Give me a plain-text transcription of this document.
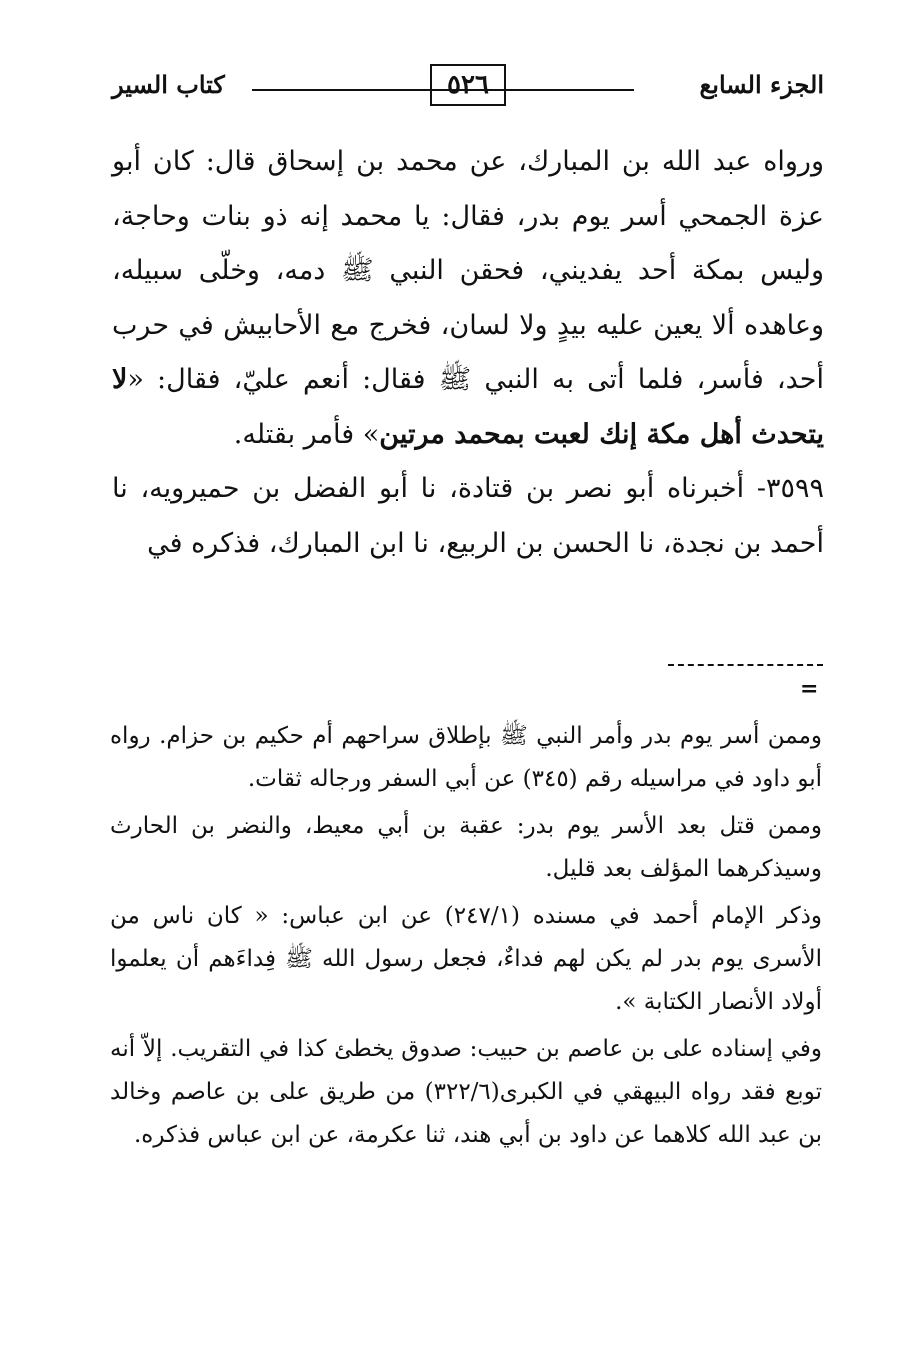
الجزء السابع
٥٢٦
كتاب السير

ورواه عبد الله بن المبارك، عن محمد بن إسحاق قال: كان أبو عزة الجمحي أسر يوم بدر، فقال: يا محمد إنه ذو بنات وحاجة، وليس بمكة أحد يفديني، فحقن النبي ﷺ دمه، وخلّى سبيله، وعاهده ألا يعين عليه بيدٍ ولا لسان، فخرج مع الأحابيش في حرب أحد، فأسر، فلما أتى به النبي ﷺ فقال: أنعم عليّ، فقال: «لا يتحدث أهل مكة إنك لعبت بمحمد مرتين» فأمر بقتله.

٣٥٩٩- أخبرناه أبو نصر بن قتادة، نا أبو الفضل بن حميرويه، نا أحمد بن نجدة، نا الحسن بن الربيع، نا ابن المبارك، فذكره في

=

وممن أسر يوم بدر وأمر النبي ﷺ بإطلاق سراحهم أم حكيم بن حزام. رواه أبو داود في مراسيله رقم (٣٤٥) عن أبي السفر ورجاله ثقات.

وممن قتل بعد الأسر يوم بدر: عقبة بن أبي معيط، والنضر بن الحارث وسيذكرهما المؤلف بعد قليل.

وذكر الإمام أحمد في مسنده (٢٤٧/١) عن ابن عباس: « كان ناس من الأسرى يوم بدر لم يكن لهم فداءٌ، فجعل رسول الله ﷺ فِداءَهم أن يعلموا أولاد الأنصار الكتابة ».

وفي إسناده على بن عاصم بن حبيب: صدوق يخطئ كذا في التقريب. إلاّ أنه توبع فقد رواه البيهقي في الكبرى(٣٢٢/٦) من طريق على بن عاصم وخالد بن عبد الله كلاهما عن داود بن أبي هند، ثنا عكرمة، عن ابن عباس فذكره.
